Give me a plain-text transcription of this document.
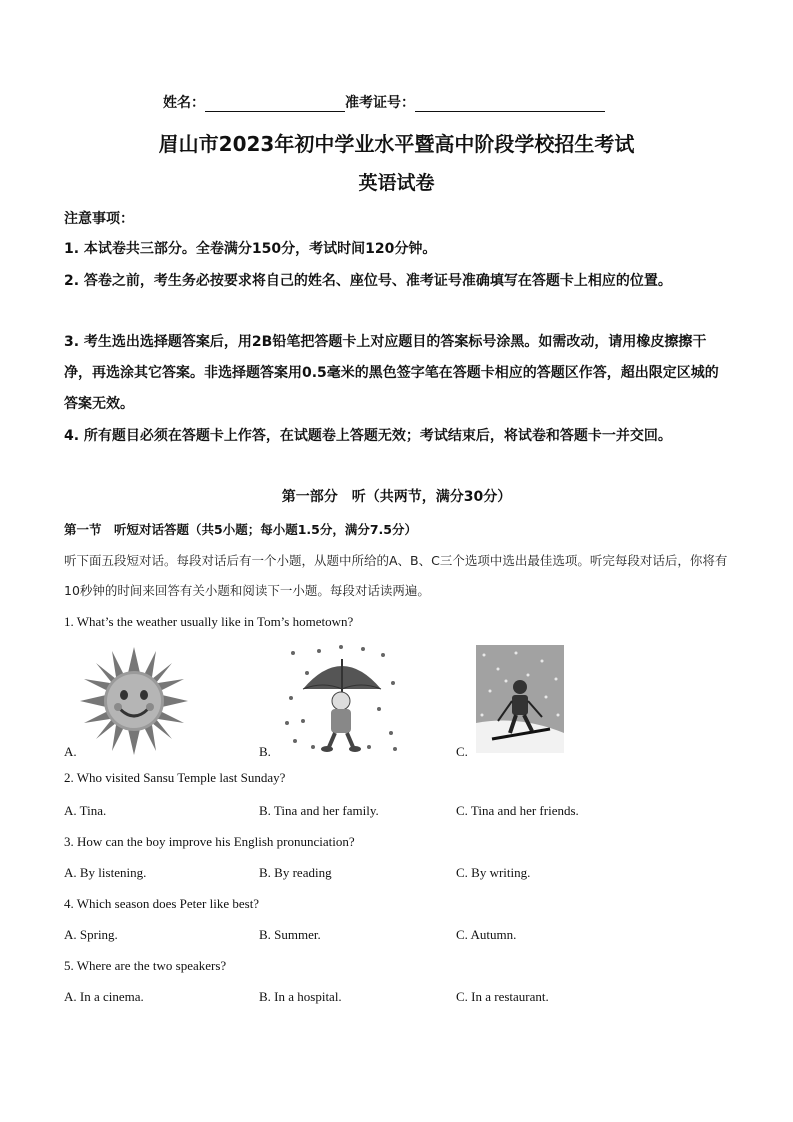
姓名：	准考证号：
眉山市2023年初中学业水平暨高中阶段学校招生考试
英语试卷
注意事项：
1. 本试卷共三部分。全卷满分150分，考试时间120分钟。
2. 答卷之前，考生务必按要求将自己的姓名、座位号、准考证号准确填写在答题卡上相应的位置。
3. 考生选出选择题答案后，用2B铅笔把答题卡上对应题目的答案标号涂黑。如需改动，请用橡皮擦擦干净，再选涂其它答案。非选择题答案用0.5毫米的黑色签字笔在答题卡相应的答题区作答，超出限定区城的答案无效。
4. 所有题目必须在答题卡上作答，在试题卷上答题无效；考试结束后，将试卷和答题卡一并交回。
第一部分　听（共两节，满分30分）
第一节　听短对话答题（共5小题；每小题1.5分，满分7.5分）
听下面五段短对话。每段对话后有一个小题，从题中所给的A、B、C三个选项中选出最佳选项。听完每段对话后，你将有10秒钟的时间来回答有关小题和阅读下一小题。每段对话读两遍。
1. What’s the weather usually like in Tom’s hometown?
A.	B.	C.
2. Who visited Sansu Temple last Sunday?
A. Tina.	B. Tina and her family.	C. Tina and her friends.
3. How can the boy improve his English pronunciation?
A. By listening.	B. By reading	C. By writing.
4. Which season does Peter like best?
A. Spring.	B. Summer.	C. Autumn.
5. Where are the two speakers?
A. In a cinema.	B. In a hospital.	C. In a restaurant.
